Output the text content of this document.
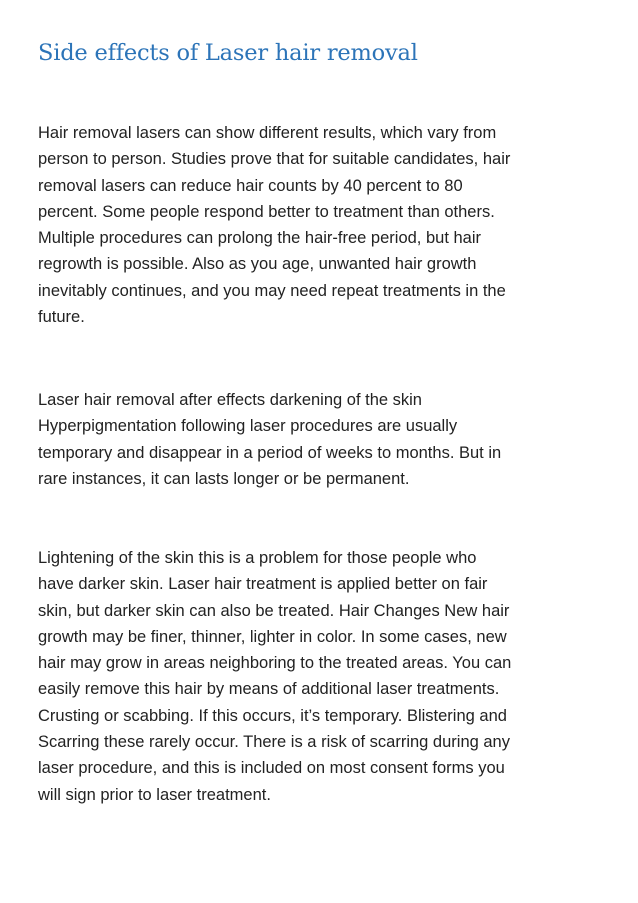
Side effects of Laser hair removal

Hair removal lasers can show different results, which vary from
person to person. Studies prove that for suitable candidates, hair
removal lasers can reduce hair counts by 40 percent to 80
percent. Some people respond better to treatment than others.
Multiple procedures can prolong the hair-free period, but hair
regrowth is possible. Also as you age, unwanted hair growth
inevitably continues, and you may need repeat treatments in the
future.

Laser hair removal after effects darkening of the skin
Hyperpigmentation following laser procedures are usually
temporary and disappear in a period of weeks to months. But in
rare instances, it can lasts longer or be permanent.

Lightening of the skin this is a problem for those people who
have darker skin. Laser hair treatment is applied better on fair
skin, but darker skin can also be treated. Hair Changes New hair
growth may be finer, thinner, lighter in color. In some cases, new
hair may grow in areas neighboring to the treated areas. You can
easily remove this hair by means of additional laser treatments.
Crusting or scabbing. If this occurs, it’s temporary. Blistering and
Scarring these rarely occur. There is a risk of scarring during any
laser procedure, and this is included on most consent forms you
will sign prior to laser treatment.
